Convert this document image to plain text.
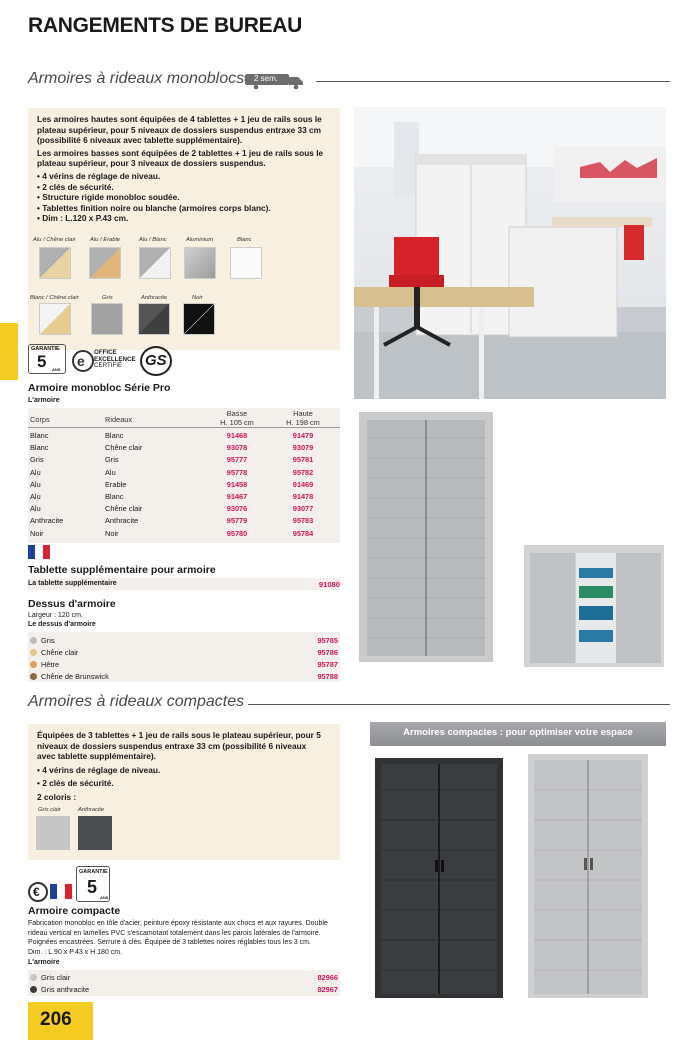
RANGEMENTS DE BUREAU
Armoires à rideaux monoblocs 2 sem.

Les armoires hautes sont équipées de 4 tablettes + 1 jeu de rails sous le plateau supérieur, pour 5 niveaux de dossiers suspendus entraxe 33 cm (possibilité 6 niveaux avec tablette supplémentaire).

Les armoires basses sont équipées de 2 tablettes + 1 jeu de rails sous le plateau supérieur, pour 3 niveaux de dossiers suspendus.

• 4 vérins de réglage de niveau.
• 2 clés de sécurité.
• Structure rigide monobloc soudée.
• Tablettes finition noire ou blanche (armoires corps blanc).
• Dim : L.120 x P.43 cm.
Alu / Chêne clair Alu / Erable	Alu / Blanc	Aluminium	Blanc
Blanc / Chêne clair	Gris	Anthracite	Noir
GARANTIE
5 ANS
e
OFFICE
EXCELLENCE
CERTIFIÉ	GS
Armoire monobloc Série Pro
L'armoire
Corps	Rideaux
Basse
H. 105 cm
Haute
H. 198 cm
Blanc	Blanc	91468	91479
Blanc	Chêne clair	93078	93079
Gris	Gris	95777	95781
Alu	Alu	95778	95782
Alu	Erable	91458	91469
Alu	Blanc	91467	91478
Alu	Chêne clair	93076	93077
Anthracite	Anthracite	95779	95783
Noir	Noir	95780	95784
Tablette supplémentaire pour armoire
La tablette supplémentaire	91080
Dessus d'armoire
Largeur : 120 cm.
Le dessus d'armoire
Gris	95785
Chêne clair	95786
Hêtre	95787
Chêne de Brunswick	95788
Armoires à rideaux compactes

Équipées de 3 tablettes + 1 jeu de rails sous le plateau supérieur, pour 5 niveaux de dossiers suspendus entraxe 33 cm (possibilité 6 niveaux avec tablette supplémentaire).

• 4 vérins de réglage de niveau.
• 2 clés de sécurité.

2 coloris :

Gris clair	Anthracite
€
GARANTIE
5
ANS
Armoire compacte
Fabrication monobloc en tôle d'acier, peinture époxy résistante aux chocs et aux rayures. Double rideau vertical en lamelles PVC s'escamotant totalement dans les parois latérales de l'armoire. Poignées encastrées. Serrure à clés. Équipée de 3 tablettes noires réglables tous les 3 cm.
Dim. : L.90 x P.43 x H.180 cm.
L'armoire
Gris clair	82966
Gris anthracite	82967
Armoires compactes : pour optimiser votre espace
206
